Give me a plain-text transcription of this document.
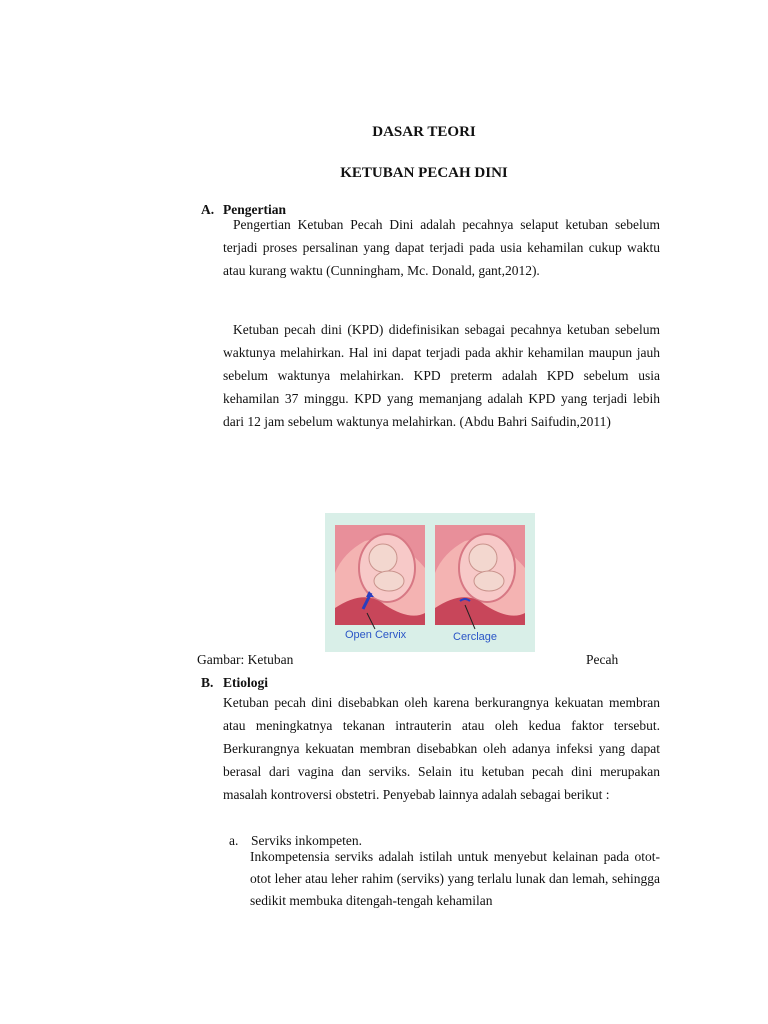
DASAR TEORI
KETUBAN PECAH DINI
A. Pengertian

Pengertian Ketuban Pecah Dini adalah pecahnya selaput ketuban sebelum terjadi proses persalinan yang dapat terjadi pada usia kehamilan cukup waktu atau kurang waktu (Cunningham, Mc. Donald, gant,2012).

Ketuban pecah dini (KPD) didefinisikan sebagai pecahnya ketuban sebelum waktunya melahirkan. Hal ini dapat terjadi pada akhir kehamilan maupun jauh sebelum waktunya melahirkan. KPD preterm adalah KPD sebelum usia kehamilan 37 minggu. KPD yang memanjang adalah KPD yang terjadi lebih dari 12 jam sebelum waktunya melahirkan. (Abdu Bahri Saifudin,2011)

Open Cervix	Cerclage
Gambar: Ketuban	Pecah
B. Etiologi

Ketuban pecah dini disebabkan oleh karena berkurangnya kekuatan membran atau meningkatnya tekanan intrauterin atau oleh kedua faktor tersebut. Berkurangnya kekuatan membran disebabkan oleh adanya infeksi yang dapat berasal dari vagina dan serviks. Selain itu ketuban pecah dini merupakan masalah kontroversi obstetri. Penyebab lainnya adalah sebagai berikut :

a. Serviks inkompeten.

Inkompetensia serviks adalah istilah untuk menyebut kelainan pada otot-otot leher atau leher rahim (serviks) yang terlalu lunak dan lemah, sehingga sedikit membuka ditengah-tengah kehamilan
